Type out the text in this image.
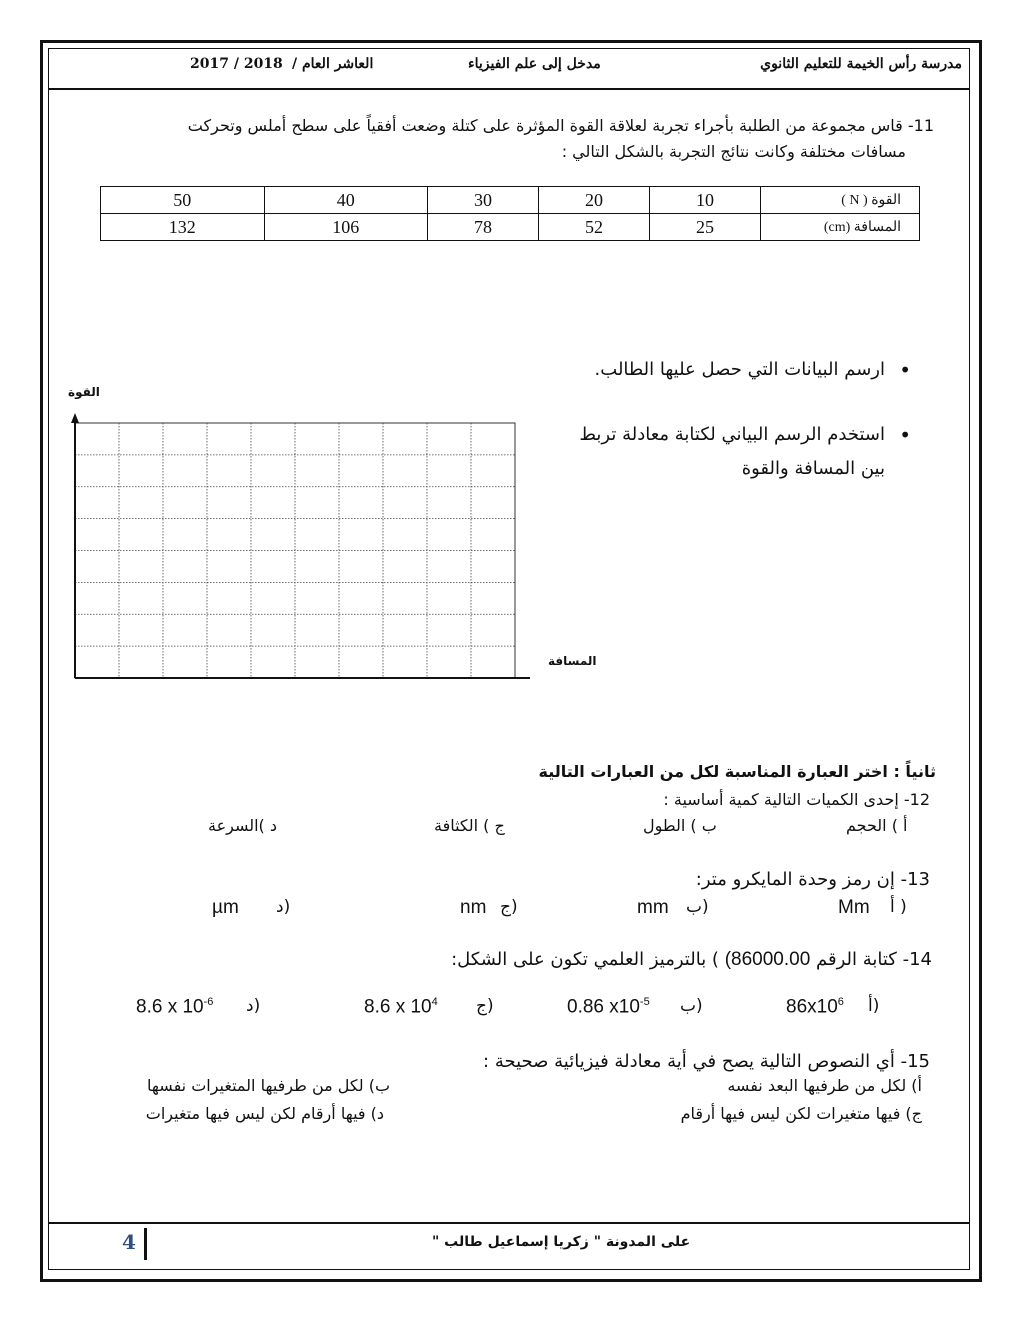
مدرسة رأس الخيمة للتعليم الثانوي
مدخل إلى علم الفيزياء
العاشر العام /
2017 / 2018
11- قاس مجموعة من الطلبة بأجراء تجربة لعلاقة القوة المؤثرة على كتلة وضعت أفقياً على سطح أملس وتحركت
مسافات مختلفة وكانت نتائج التجربة بالشكل التالي :
50	40	30	20	10	القوة ( N )
132	106	78	52	25	المسافة (cm)
• ارسم البيانات التي حصل عليها الطالب.
• استخدم الرسم البياني لكتابة معادلة تربط
بين المسافة والقوة
القوة
المسافة
ثانياً : اختر العبارة المناسبة لكل من العبارات التالية
12- إحدى الكميات التالية كمية أساسية :
أ ) الحجم
ب ) الطول
ج ) الكثافة
د )السرعة
13- إن رمز وحدة المايكرو متر:
Mm أ )
mm ب)
nm ج)
µm د)
) بالترميز العلمي تكون على الشكل: (86000.00 14- كتابة الرقم
$86x10^6$ أ)
0.86 $x10^{-5}$ ب)
8.6 x $10^4$ ج)
8.6 x $10^{-6}$ د)
15- أي النصوص التالية يصح في أية معادلة فيزيائية صحيحة :
أ) لكل من طرفيها البعد نفسه
ب) لكل من طرفيها المتغيرات نفسها
ج) فيها متغيرات لكن ليس فيها أرقام
د) فيها أرقام لكن ليس فيها متغيرات
4	على المدونة " زكريا إسماعيل طالب "
